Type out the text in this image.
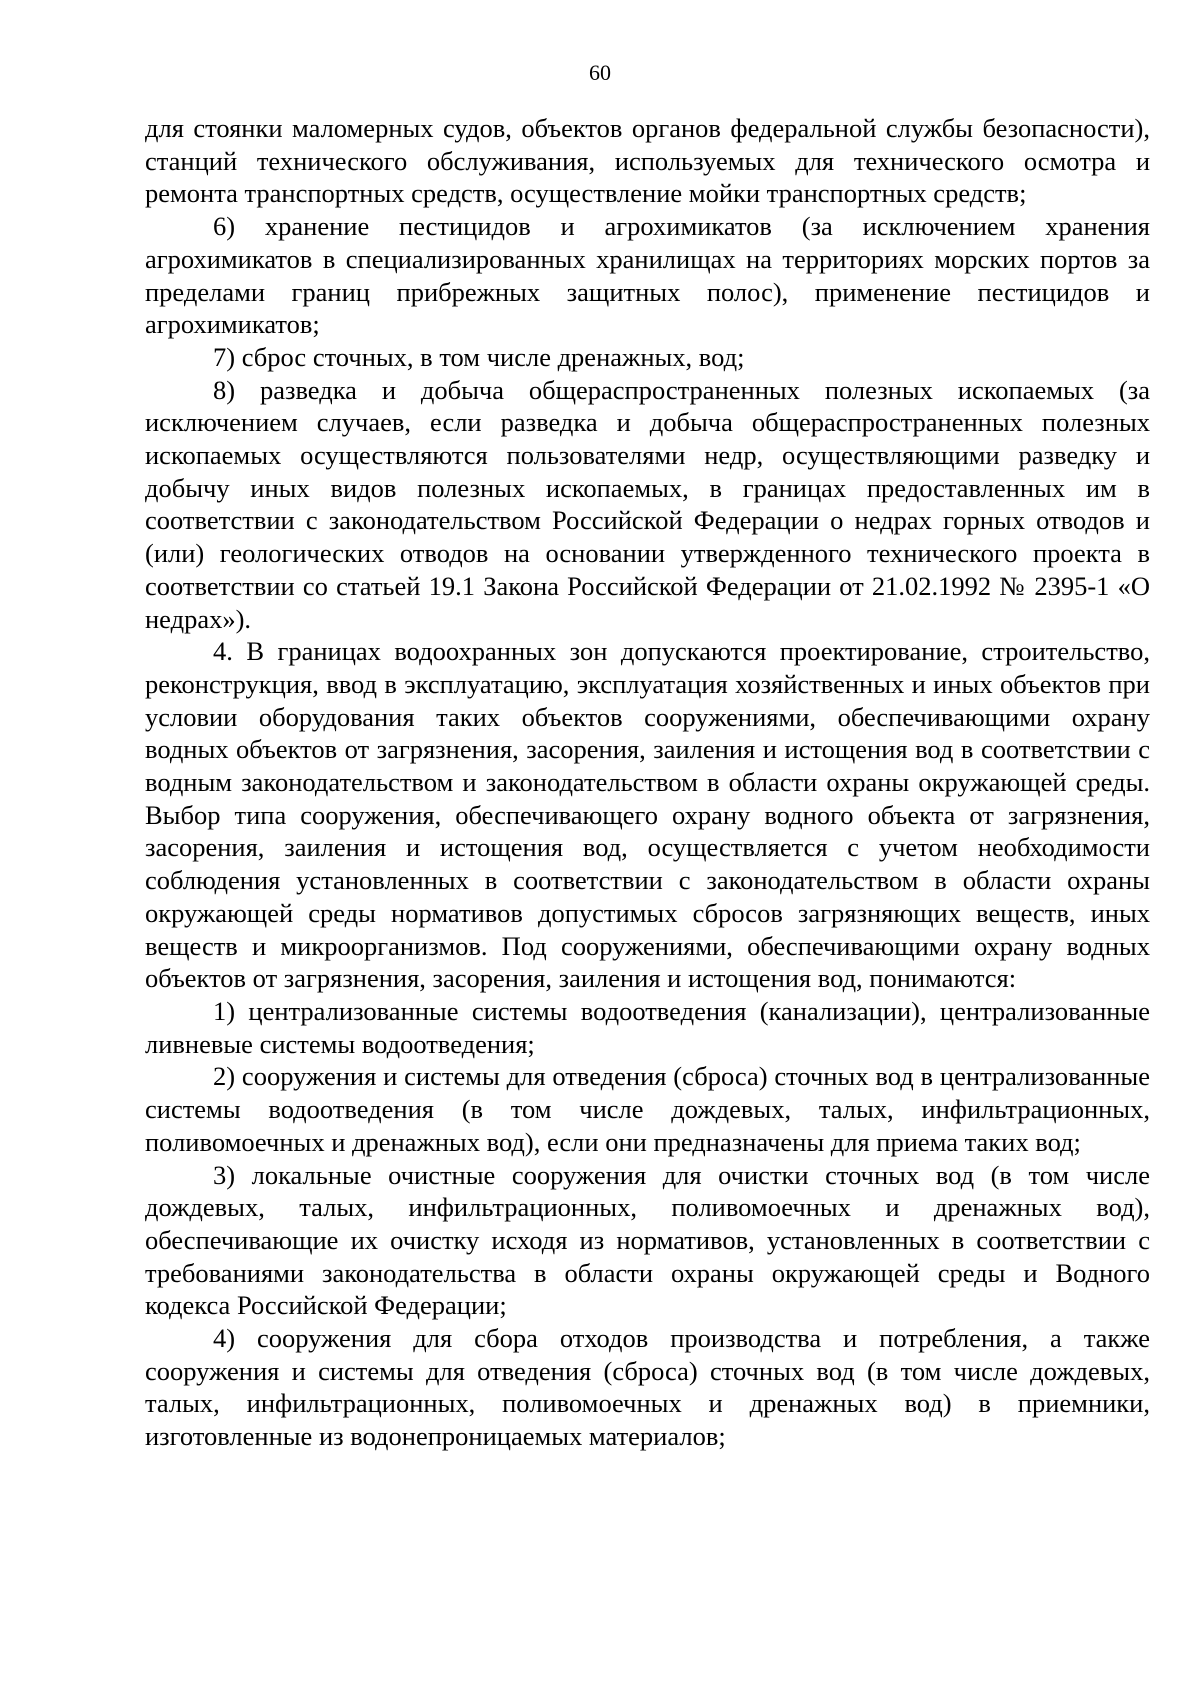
60

для стоянки маломерных судов, объектов органов федеральной службы безопасности), станций технического обслуживания, используемых для технического осмотра и ремонта транспортных средств, осуществление мойки транспортных средств;

6) хранение пестицидов и агрохимикатов (за исключением хранения агрохимикатов в специализированных хранилищах на территориях морских портов за пределами границ прибрежных защитных полос), применение пестицидов и агрохимикатов;

7) сброс сточных, в том числе дренажных, вод;

8) разведка и добыча общераспространенных полезных ископаемых (за исключением случаев, если разведка и добыча общераспространенных полезных ископаемых осуществляются пользователями недр, осуществляющими разведку и добычу иных видов полезных ископаемых, в границах предоставленных им в соответствии с законодательством Российской Федерации о недрах горных отводов и (или) геологических отводов на основании утвержденного технического проекта в соответствии со статьей 19.1 Закона Российской Федерации от 21.02.1992 № 2395-1 «О недрах»).

4. В границах водоохранных зон допускаются проектирование, строительство, реконструкция, ввод в эксплуатацию, эксплуатация хозяйственных и иных объектов при условии оборудования таких объектов сооружениями, обеспечивающими охрану водных объектов от загрязнения, засорения, заиления и истощения вод в соответствии с водным законодательством и законодательством в области охраны окружающей среды. Выбор типа сооружения, обеспечивающего охрану водного объекта от загрязнения, засорения, заиления и истощения вод, осуществляется с учетом необходимости соблюдения установленных в соответствии с законодательством в области охраны окружающей среды нормативов допустимых сбросов загрязняющих веществ, иных веществ и микроорганизмов. Под сооружениями, обеспечивающими охрану водных объектов от загрязнения, засорения, заиления и истощения вод, понимаются:

1) централизованные системы водоотведения (канализации), централизованные ливневые системы водоотведения;

2) сооружения и системы для отведения (сброса) сточных вод в централизованные системы водоотведения (в том числе дождевых, талых, инфильтрационных, поливомоечных и дренажных вод), если они предназначены для приема таких вод;

3) локальные очистные сооружения для очистки сточных вод (в том числе дождевых, талых, инфильтрационных, поливомоечных и дренажных вод), обеспечивающие их очистку исходя из нормативов, установленных в соответствии с требованиями законодательства в области охраны окружающей среды и Водного кодекса Российской Федерации;

4) сооружения для сбора отходов производства и потребления, а также сооружения и системы для отведения (сброса) сточных вод (в том числе дождевых, талых, инфильтрационных, поливомоечных и дренажных вод) в приемники, изготовленные из водонепроницаемых материалов;
